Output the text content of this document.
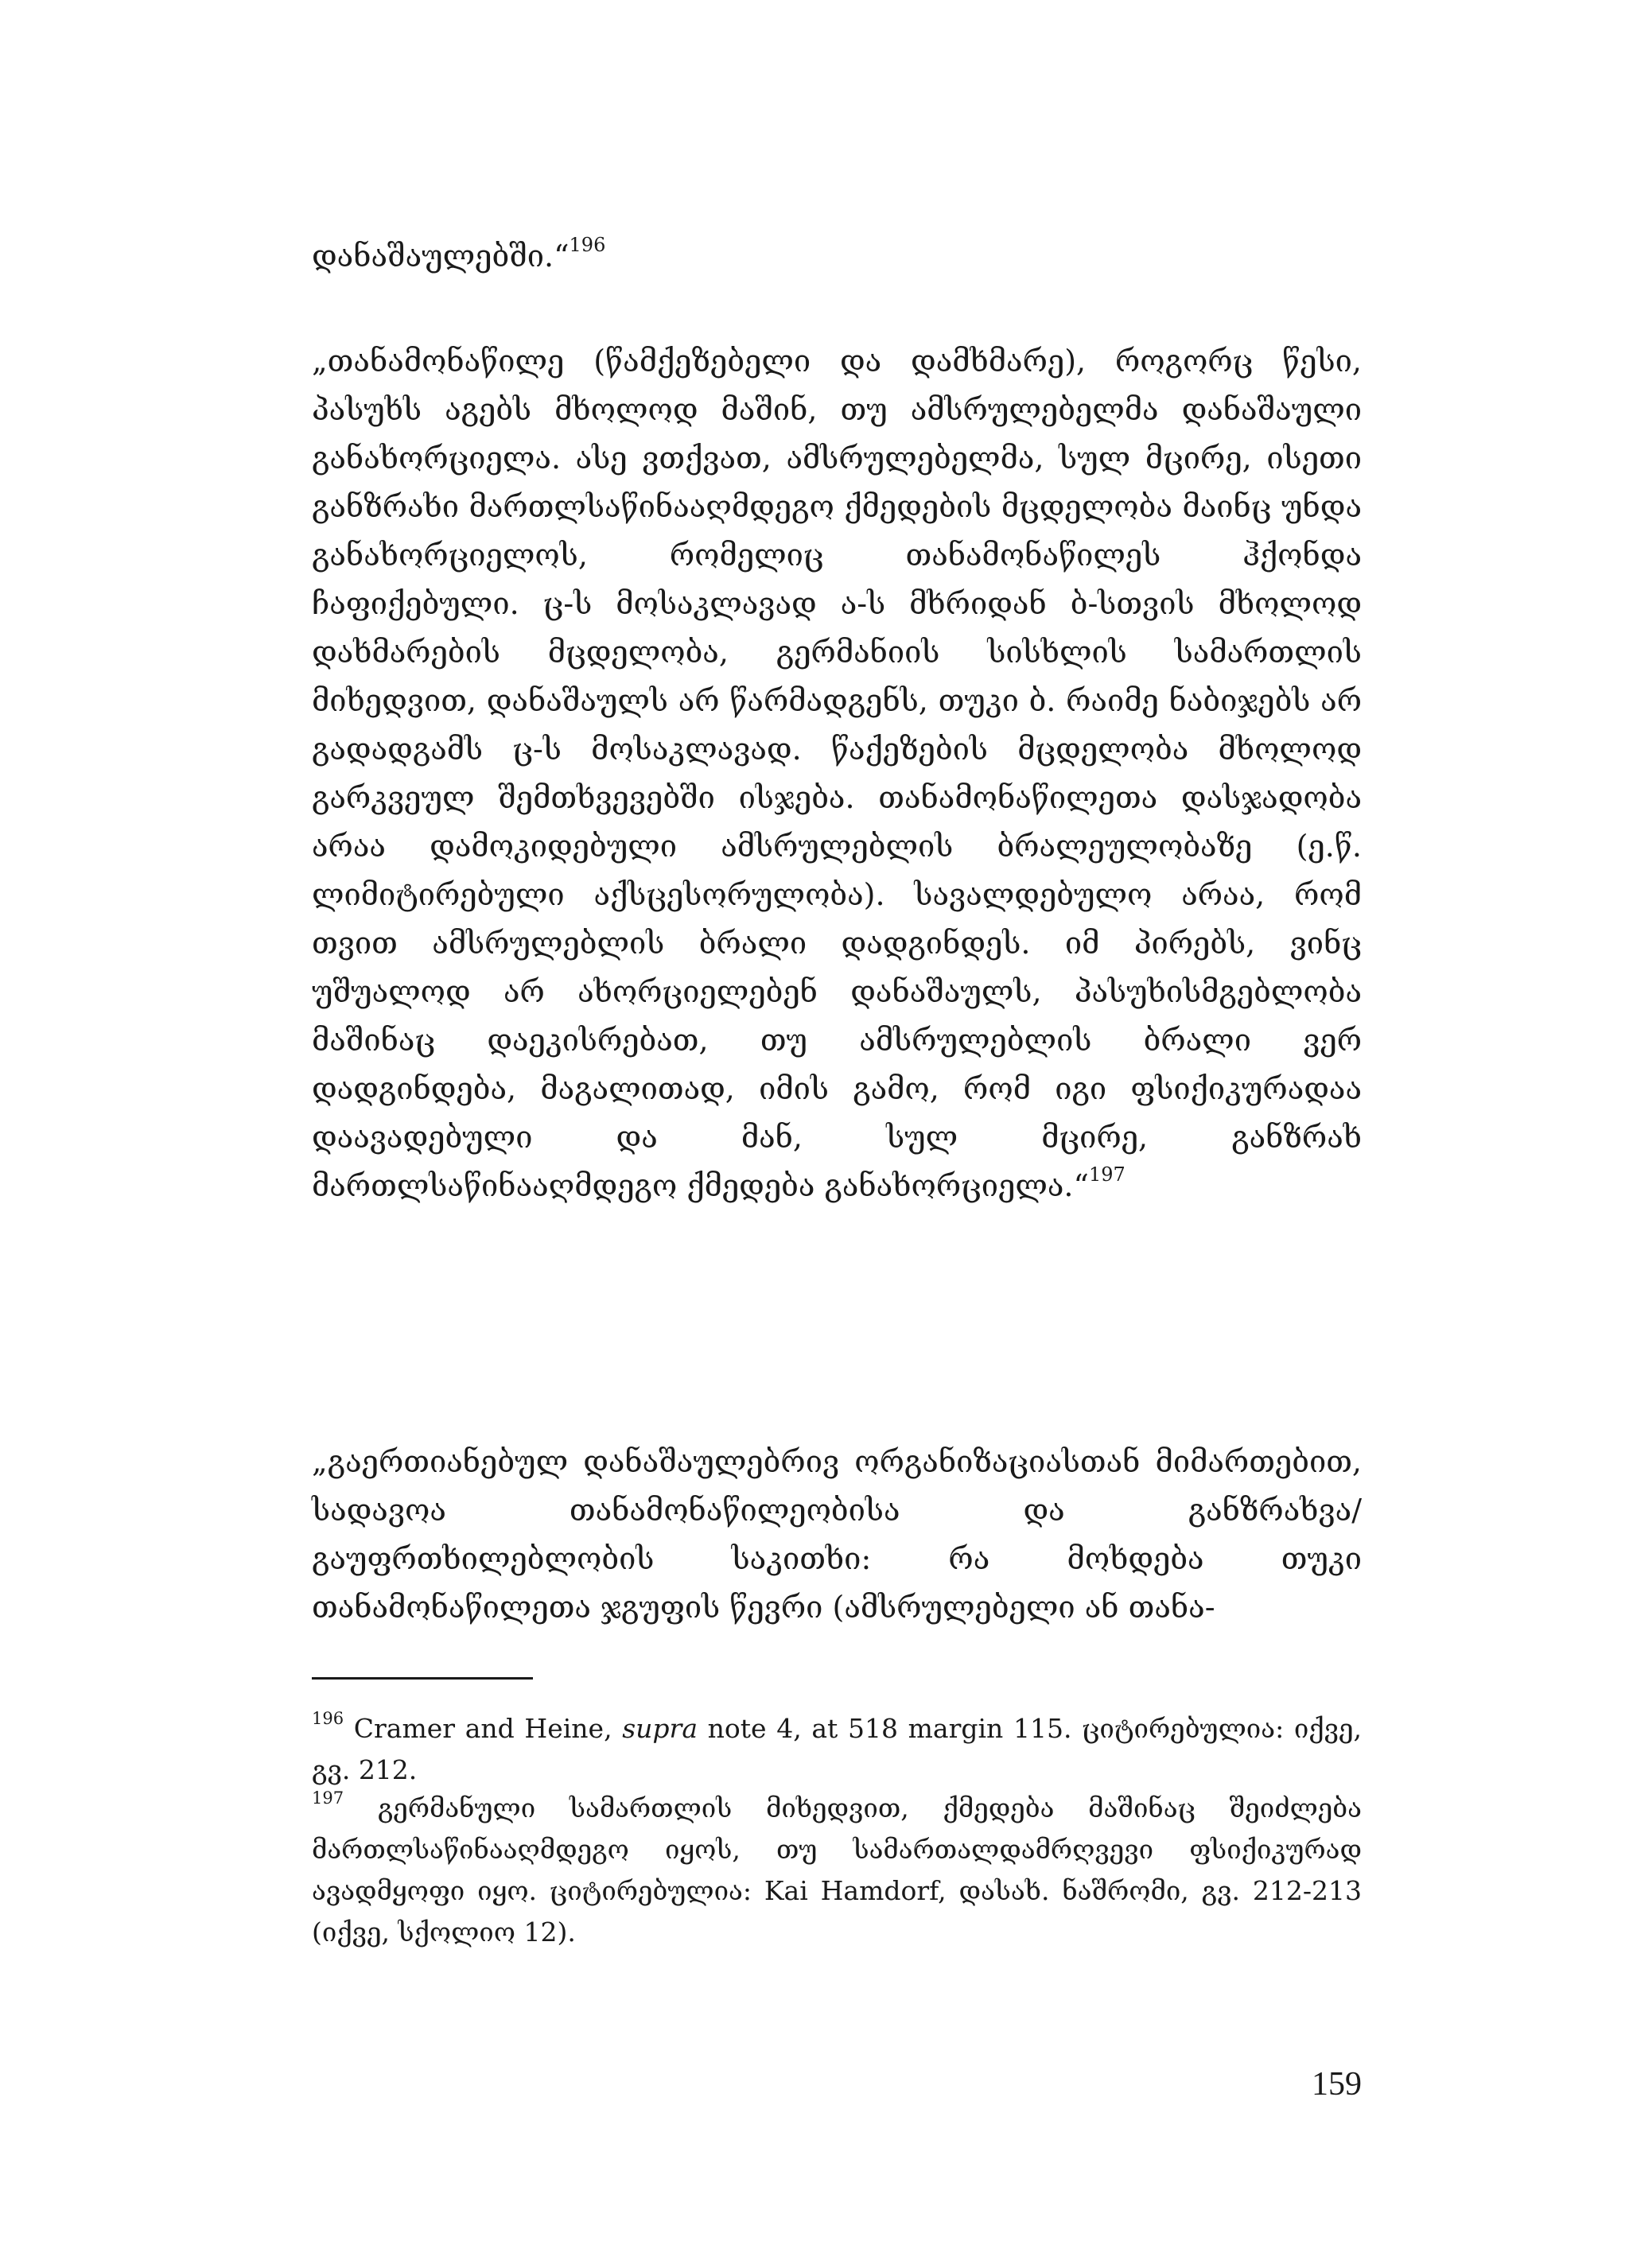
დანაშაულებში.“$^{196}$

„თანამონაწილე (წამქეზებელი და დამხმარე), როგორც წესი, პასუხს აგებს მხოლოდ მაშინ, თუ ამსრულებელმა დანაშაული განახორციელა. ასე ვთქვათ, ამსრულებელმა, სულ მცირე, ისეთი განზრახი მართლსაწინააღმდეგო ქმედების მცდელობა მაინც უნდა განახორციელოს, რომელიც თანამონაწილეს ჰქონდა ჩაფიქებული. ც-ს მოსაკლავად ა-ს მხრიდან ბ-სთვის მხოლოდ დახმარების მცდელობა, გერმანიის სისხლის სამართლის მიხედვით, დანაშაულს არ წარმადგენს, თუკი ბ. რაიმე ნაბიჯებს არ გადადგამს ც-ს მოსაკლავად. წაქეზების მცდელობა მხოლოდ გარკვეულ შემთხვევებში ისჯება. თანამონაწილეთა დასჯადობა არაა დამოკიდებული ამსრულებლის ბრალეულობაზე (ე.წ. ლიმიტირებული აქსცესორულობა). სავალდებულო არაა, რომ თვით ამსრულებლის ბრალი დადგინდეს. იმ პირებს, ვინც უშუალოდ არ ახორციელებენ დანაშაულს, პასუხისმგებლობა მაშინაც დაეკისრებათ, თუ ამსრულებლის ბრალი ვერ დადგინდება, მაგალითად, იმის გამო, რომ იგი ფსიქიკურადაა დაავადებული და მან, სულ მცირე, განზრახ მართლსაწინააღმდეგო ქმედება განახორციელა.“$^{197}$

„გაერთიანებულ დანაშაულებრივ ორგანიზაციასთან მიმართებით, სადავოა თანამონაწილეობისა და განზრახვა/გაუფრთხილებლობის საკითხი: რა მოხდება თუკი თანამონაწილეთა ჯგუფის წევრი (ამსრულებელი ან თანა-

$^{196}$ Cramer and Heine, supra note 4, at 518 margin 115. ციტირებულია: იქვე, გვ. 212.

$^{197}$ გერმანული სამართლის მიხედვით, ქმედება მაშინაც შეიძლება მართლსაწინააღმდეგო იყოს, თუ სამართალდამრღვევი ფსიქიკურად ავადმყოფი იყო. ციტირებულია: Kai Hamdorf, დასახ. ნაშრომი, გვ. 212-213 (იქვე, სქოლიო 12).

159
